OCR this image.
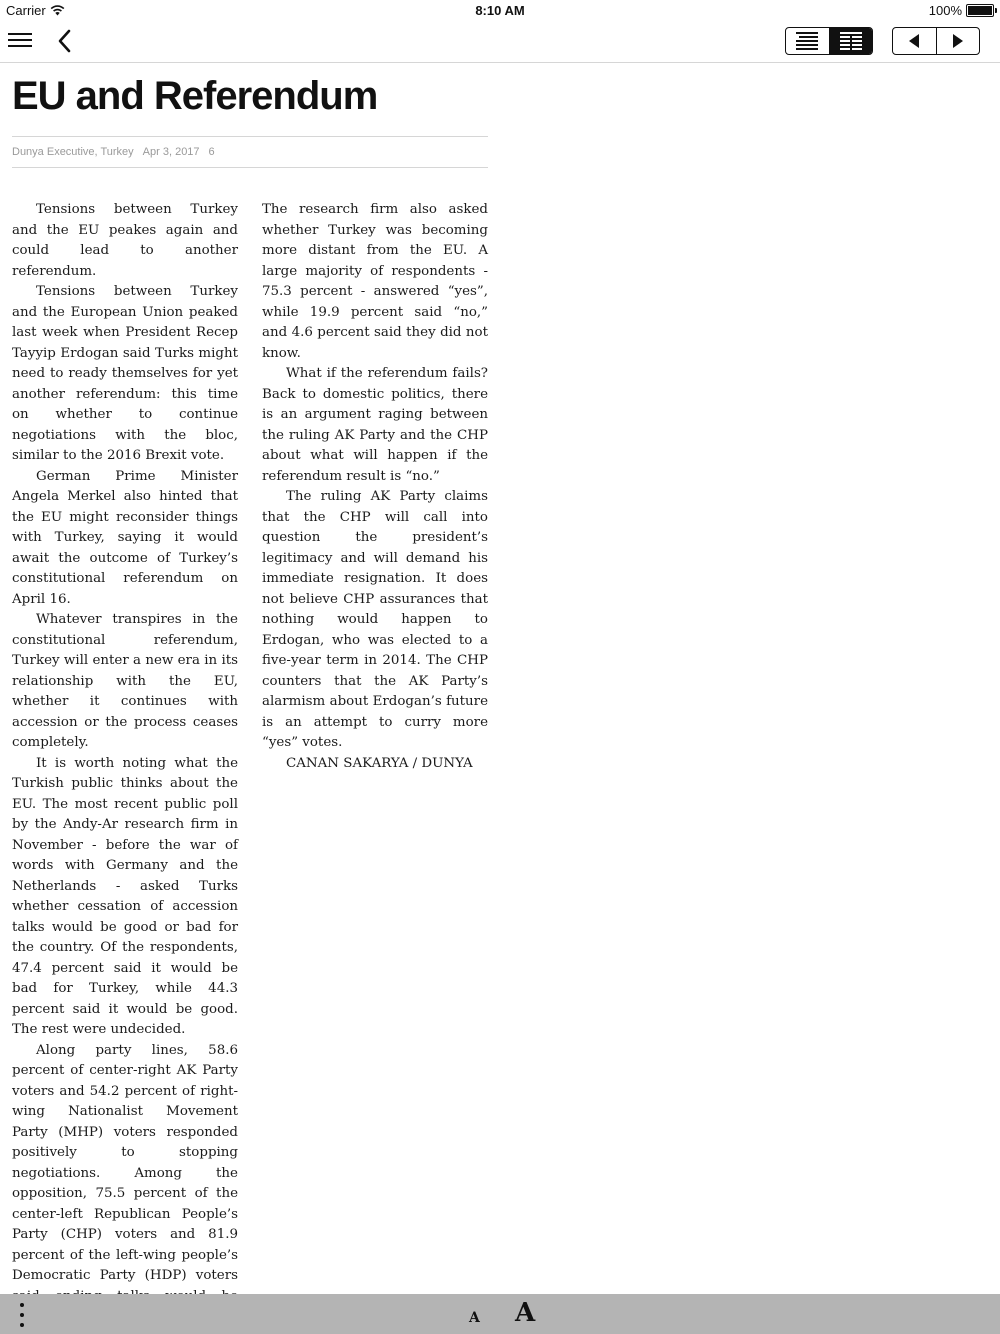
Carrier	8:10 AM	100%
EU and Referendum
Dunya Executive, Turkey Apr 3, 2017 6

Tensions between Turkey and the EU peakes again and could lead to another referendum.

Tensions between Turkey and the European Union peaked last week when President Recep Tayyip Erdogan said Turks might need to ready themselves for yet another referendum: this time on whether to continue negotiations with the bloc, similar to the 2016 Brexit vote.

German Prime Minister Angela Merkel also hinted that the EU might reconsider things with Turkey, saying it would await the outcome of Turkey’s constitutional referendum on April 16.

Whatever transpires in the constitutional referendum, Turkey will enter a new era in its relationship with the EU, whether it continues with accession or the process ceases completely.

It is worth noting what the Turkish public thinks about the EU. The most recent public poll by the Andy-Ar research firm in November - before the war of words with Germany and the Netherlands - asked Turks whether cessation of accession talks would be good or bad for the country. Of the respondents, 47.4 percent said it would be bad for Turkey, while 44.3 percent said it would be good. The rest were undecided.

Along party lines, 58.6 percent of center-right AK Party voters and 54.2 percent of right-wing Nationalist Movement Party (MHP) voters responded positively to stopping negotiations. Among the opposition, 75.5 percent of the center-left Republican People’s Party (CHP) voters and 81.9 percent of the left-wing people’s Democratic Party (HDP) voters

The research firm also asked whether Turkey was becoming more distant from the EU. A large majority of respondents - 75.3 percent - answered “yes”, while 19.9 percent said “no,” and 4.6 percent said they did not know.

What if the referendum fails? Back to domestic politics, there is an argument raging between the ruling AK Party and the CHP about what will happen if the referendum result is “no.”

The ruling AK Party claims that the CHP will call into question the president’s legitimacy and will demand his immediate resignation. It does not believe CHP assurances that nothing would happen to Erdogan, who was elected to a five-year term in 2014. The CHP counters that the AK Party’s alarmism about Erdogan’s future is an attempt to curry more “yes” votes.

CANAN SAKARYA / DUNYA

A A
